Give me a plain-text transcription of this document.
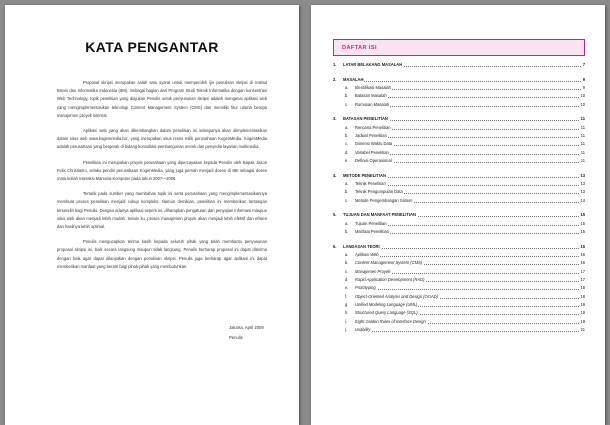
KATA PENGANTAR

Proposal skripsi merupakan salah satu syarat untuk memperoleh ijin penulisan skripsi di Institut Bisnis dan Informatika Indonesia (IBII). Sebagai bagian dari Program Studi Teknik Informatika dengan konsentrasi Web Technology, topik penelitian yang diajukan Penulis untuk penyusunan skripsi adalah mengenai aplikasi web yang mengimplementasikan teknologi Content Management System (CMS) dan memiliki fitur utama berupa manajemen proyek internal.

Aplikasi web yang akan dikembangkan dalam penelitian ini selanjutnya akan diimplementasikan dalam situs web www.kogenmedia.biz, yang merupakan situs resmi milik perusahaan KogenMedia. KogenMedia adalah perusahaan yang bergerak di bidang konsultasi pembangunan merek dan penyedia layanan multimedia.

Penelitian ini merupakan proyek perusahaan yang dipercayakan kepada Penulis oleh Bapak Jason Felix Christianto, selaku pendiri perusahaan KogenMedia, yang juga pernah menjadi dosen di IBII sebagai dosen mata kuliah Interaksi Manusia-Komputer pada tahun 2007—2008.

Tertarik pada sumber yang membahas topik ini serta perusahaan yang mengimplementasikannya membuat proses penelitian menjadi cukup kompleks. Namun demikian, penelitian ini memberikan tantangan tersendiri bagi Penulis. Dengan adanya aplikasi seperti ini, diharapkan pengaturan dan penyajian informasi maupun situs web akan menjadi lebih mudah. Selain itu, proses manajemen proyek akan menjadi lebih efektif dan efisien dan hasilnya lebih optimal.

Penulis mengucapkan terima kasih kepada seluruh pihak yang telah membantu penyusunan proposal skripsi ini, baik secara langsung maupun tidak langsung. Penulis berharap proposal ini dapat diterima dengan baik agar dapat dilanjutkan dengan penulisan skripsi. Penulis juga berharap agar aplikasi ini dapat memberikan manfaat yang berarti bagi pihak-pihak yang membutuhkan.

Jakarta, April 2009
Penulis
DAFTAR ISI
1. LATAR BELAKANG MASALAH	7
2. MASALAH	9
a. Identifikasi Masalah	9
b. Batasan Masalah	10
c. Rumusan Masalah	10
3. BATASAN PENELITIAN	11
a. Rencana Penelitian	11
b. Jadwal Penelitian	11
c. Dimensi Waktu Data	11
d. Variabel Penelitian	11
e. Definisi Operasional	11
4. METODE PENELITIAN	13
a. Teknik Penelitian	13
b. Teknik Pengumpulan Data	13
c. Metode Pengembangan Sistem	14
5. TUJUAN DAN MANFAAT PENELITIAN	15
a. Tujuan Penelitian	15
b. Manfaat Penelitian	15
6. LANDASAN TEORI	16
a. Aplikasi Web	16
b. Content Management System (CMS)	16
c. Manajemen Proyek	17
d. Rapid Application Development (RAD)	17
e. Prototyping	18
f. Object-Oriented Analysis and Design (OOAD)	18
g. Unified Modeling Language (UML)	19
h. Structured Query Language (SQL)	19
i. Eight Golden Rules of Interface Design	19
j. Usability	21
